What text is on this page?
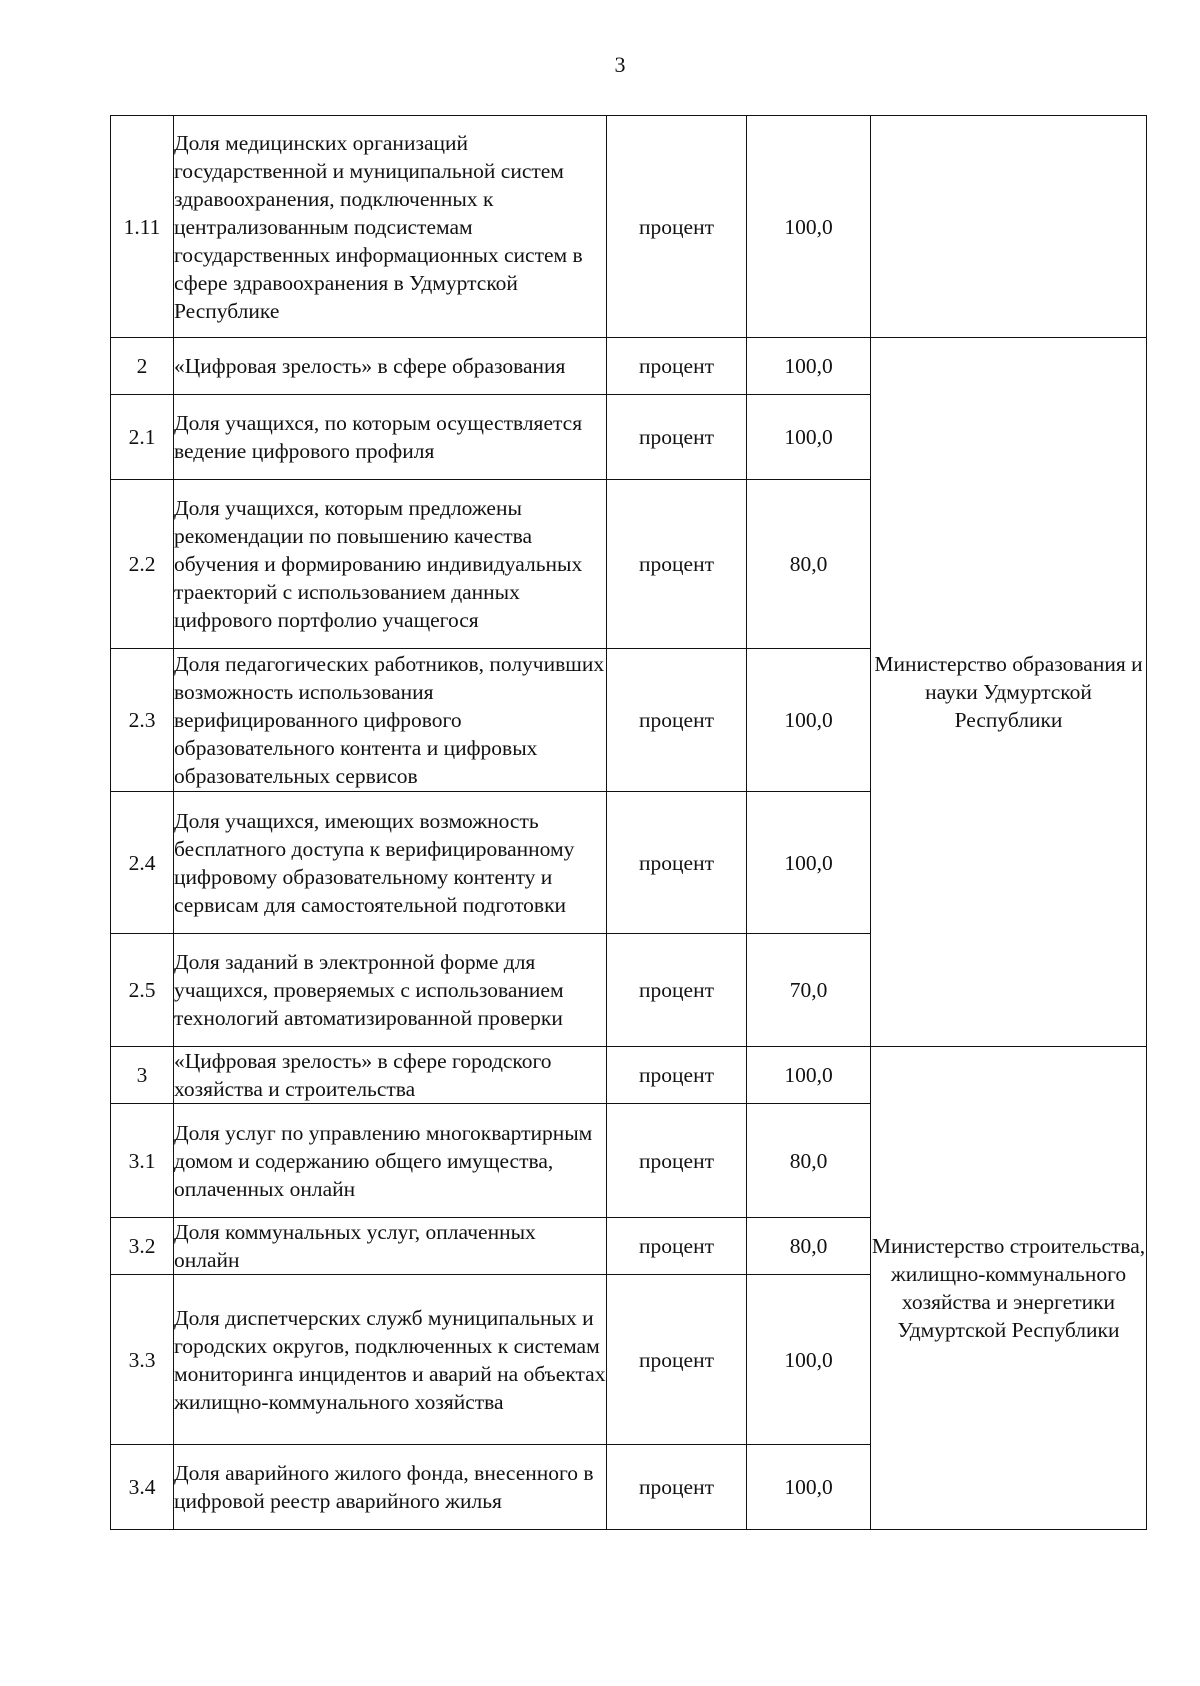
3
1.11	Доля медицинских организаций государственной и муниципальной систем здравоохранения, подключенных к централизованным подсистемам государственных информационных систем в сфере здравоохранения в Удмуртской Республике	процент	100,0	
2	«Цифровая зрелость» в сфере образования	процент	100,0	Министерство образования и науки Удмуртской Республики
2.1	Доля учащихся, по которым осуществляется ведение цифрового профиля	процент	100,0	
2.2	Доля учащихся, которым предложены рекомендации по повышению качества обучения и формированию индивидуальных траекторий с использованием данных цифрового портфолио учащегося	процент	80,0	
2.3	Доля педагогических работников, получивших возможность использования верифицированного цифрового образовательного контента и цифровых образовательных сервисов	процент	100,0	
2.4	Доля учащихся, имеющих возможность бесплатного доступа к верифицированному цифровому образовательному контенту и сервисам для самостоятельной подготовки	процент	100,0	
2.5	Доля заданий в электронной форме для учащихся, проверяемых с использованием технологий автоматизированной проверки	процент	70,0	
3	«Цифровая зрелость» в сфере городского хозяйства и строительства	процент	100,0	Министерство строительства, жилищно-коммунального хозяйства и энергетики Удмуртской Республики
3.1	Доля услуг по управлению многоквартирным домом и содержанию общего имущества, оплаченных онлайн	процент	80,0	
3.2	Доля коммунальных услуг, оплаченных онлайн	процент	80,0	
3.3	Доля диспетчерских служб муниципальных и городских округов, подключенных к системам мониторинга инцидентов и аварий на объектах жилищно-коммунального хозяйства	процент	100,0	
3.4	Доля аварийного жилого фонда, внесенного в цифровой реестр аварийного жилья	процент	100,0	
